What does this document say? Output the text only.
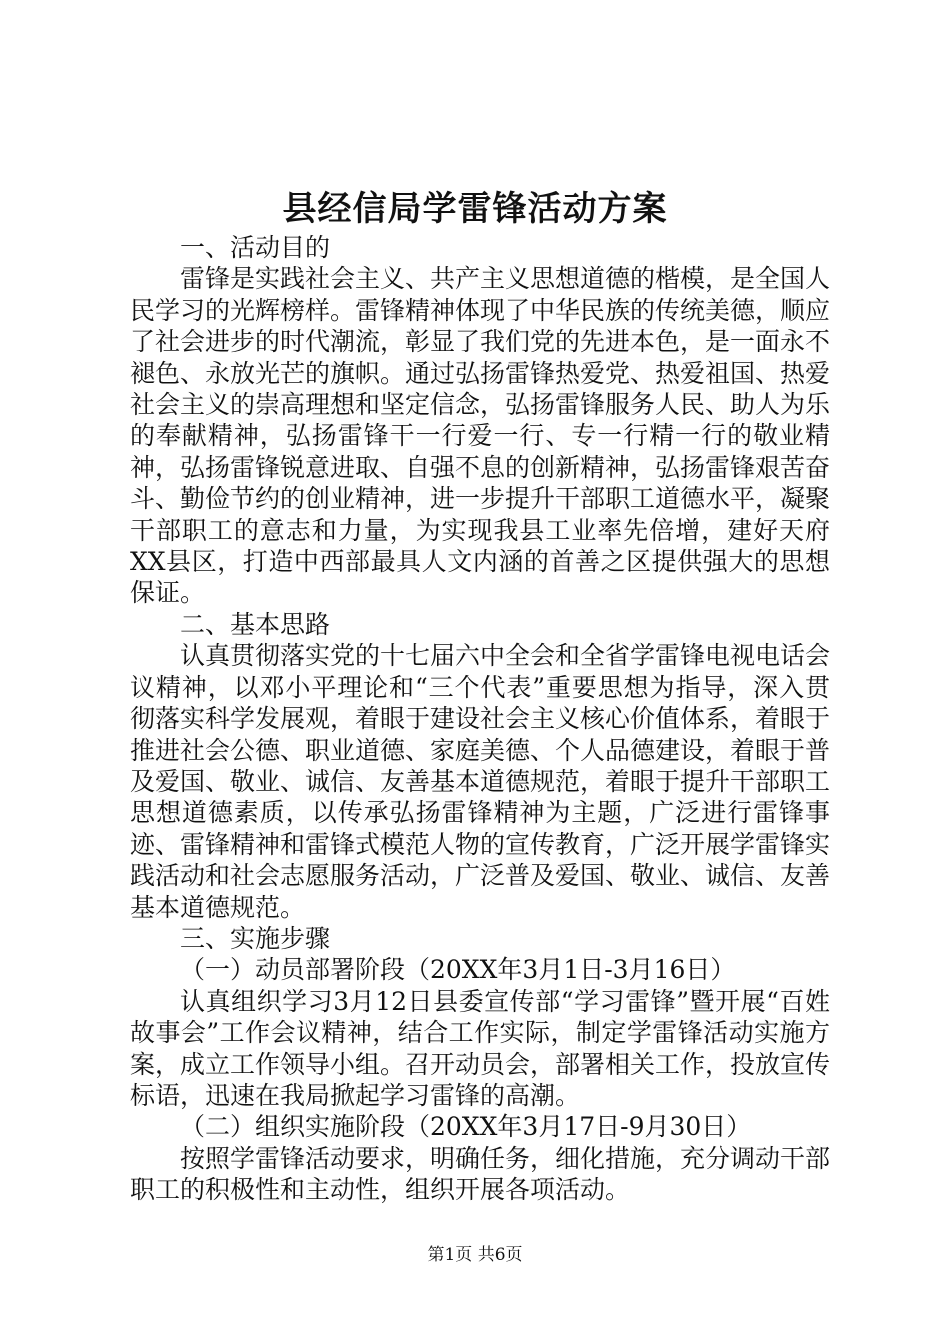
县经信局学雷锋活动方案

一、活动目的

雷锋是实践社会主义、共产主义思想道德的楷模，是全国人民学习的光辉榜样。雷锋精神体现了中华民族的传统美德，顺应了社会进步的时代潮流，彰显了我们党的先进本色，是一面永不褪色、永放光芒的旗帜。通过弘扬雷锋热爱党、热爱祖国、热爱社会主义的崇高理想和坚定信念，弘扬雷锋服务人民、助人为乐的奉献精神，弘扬雷锋干一行爱一行、专一行精一行的敬业精神，弘扬雷锋锐意进取、自强不息的创新精神，弘扬雷锋艰苦奋斗、勤俭节约的创业精神，进一步提升干部职工道德水平，凝聚干部职工的意志和力量，为实现我县工业率先倍增，建好天府XX县区，打造中西部最具人文内涵的首善之区提供强大的思想保证。

二、基本思路

认真贯彻落实党的十七届六中全会和全省学雷锋电视电话会议精神，以邓小平理论和“三个代表”重要思想为指导，深入贯彻落实科学发展观，着眼于建设社会主义核心价值体系，着眼于推进社会公德、职业道德、家庭美德、个人品德建设，着眼于普及爱国、敬业、诚信、友善基本道德规范，着眼于提升干部职工思想道德素质，以传承弘扬雷锋精神为主题，广泛进行雷锋事迹、雷锋精神和雷锋式模范人物的宣传教育，广泛开展学雷锋实践活动和社会志愿服务活动，广泛普及爱国、敬业、诚信、友善基本道德规范。

三、实施步骤

（一）动员部署阶段（20XX年3月1日-3月16日）

认真组织学习3月12日县委宣传部“学习雷锋”暨开展“百姓故事会”工作会议精神，结合工作实际，制定学雷锋活动实施方案，成立工作领导小组。召开动员会，部署相关工作，投放宣传标语，迅速在我局掀起学习雷锋的高潮。

（二）组织实施阶段（20XX年3月17日-9月30日）

按照学雷锋活动要求，明确任务，细化措施，充分调动干部职工的积极性和主动性，组织开展各项活动。

第1页 共6页
